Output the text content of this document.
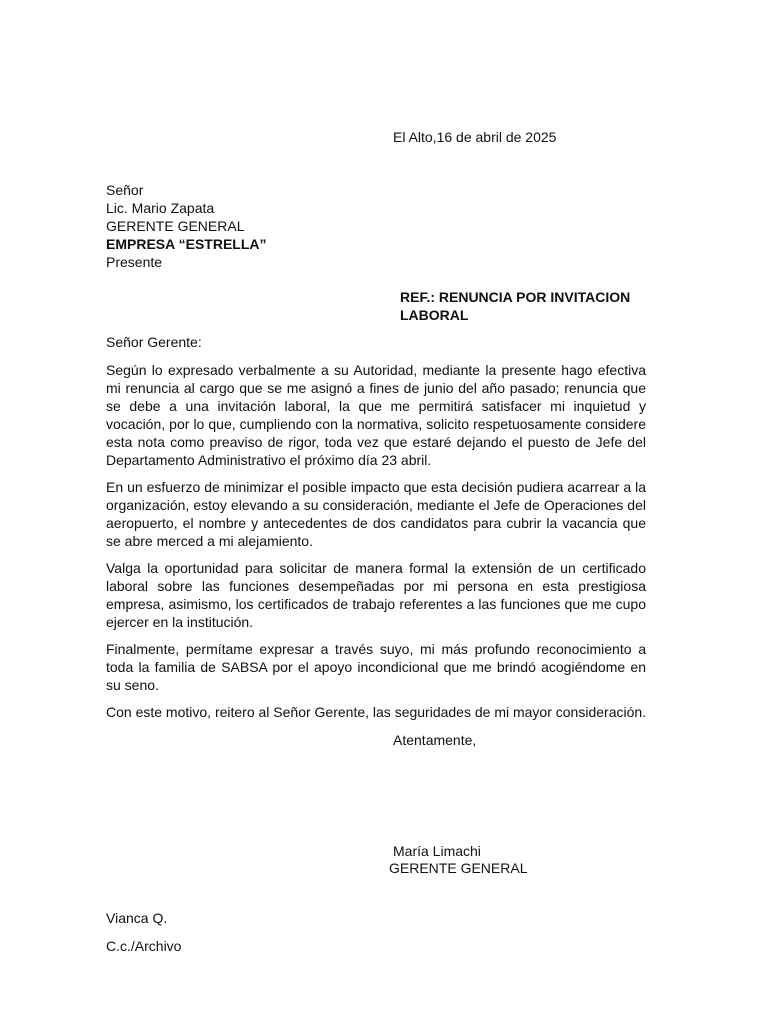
El Alto,16 de abril de 2025
Señor
Lic. Mario Zapata
GERENTE GENERAL
EMPRESA “ESTRELLA”
Presente
REF.: RENUNCIA POR INVITACION LABORAL
Señor Gerente:

Según lo expresado verbalmente a su Autoridad, mediante la presente hago efectiva mi renuncia al cargo que se me asignó a fines de junio del año pasado; renuncia que se debe a una invitación laboral, la que me permitirá satisfacer mi inquietud y vocación, por lo que, cumpliendo con la normativa, solicito respetuosamente considere esta nota como preaviso de rigor, toda vez que estaré dejando el puesto de Jefe del Departamento Administrativo el próximo día 23 abril.

En un esfuerzo de minimizar el posible impacto que esta decisión pudiera acarrear a la organización, estoy elevando a su consideración, mediante el Jefe de Operaciones del aeropuerto, el nombre y antecedentes de dos candidatos para cubrir la vacancia que se abre merced a mi alejamiento.

Valga la oportunidad para solicitar de manera formal la extensión de un certificado laboral sobre las funciones desempeñadas por mi persona en esta prestigiosa empresa, asimismo, los certificados de trabajo referentes a las funciones que me cupo ejercer en la institución.

Finalmente, permítame expresar a través suyo, mi más profundo reconocimiento a toda la familia de SABSA por el apoyo incondicional que me brindó acogiéndome en su seno.

Con este motivo, reitero al Señor Gerente, las seguridades de mi mayor consideración.
Atentamente,
María Limachi
GERENTE GENERAL
Vianca Q.
C.c./Archivo
